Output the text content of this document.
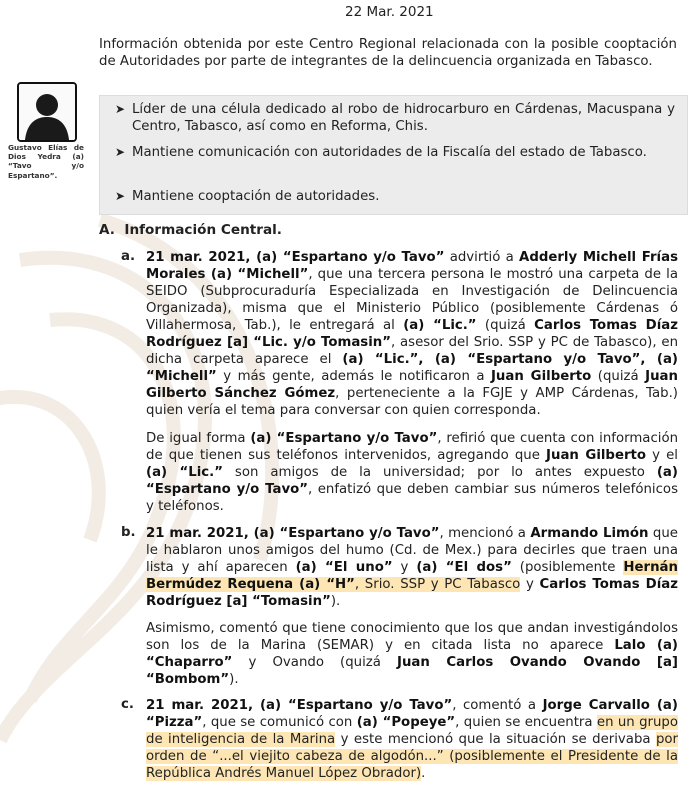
22 Mar. 2021
Información obtenida por este Centro Regional relacionada con la posible cooptación de Autoridades por parte de integrantes de la delincuencia organizada en Tabasco.
Gustavo Elías de Dios Yedra (a) “Tavo y/o Espartano”.
➤ Líder de una célula dedicado al robo de hidrocarburo en Cárdenas, Macuspana y Centro, Tabasco, así como en Reforma, Chis.
➤ Mantiene comunicación con autoridades de la Fiscalía del estado de Tabasco.
➤ Mantiene cooptación de autoridades.
A. Información Central.
a. 21 mar. 2021, (a) “Espartano y/o Tavo” advirtió a Adderly Michell Frías Morales (a) “Michell”, que una tercera persona le mostró una carpeta de la SEIDO (Subprocuraduría Especializada en Investigación de Delincuencia Organizada), misma que el Ministerio Público (posiblemente Cárdenas ó Villahermosa, Tab.), le entregará al (a) “Lic.” (quizá Carlos Tomas Díaz Rodríguez [a] “Lic. y/o Tomasin”, asesor del Srio. SSP y PC de Tabasco), en dicha carpeta aparece el (a) “Lic.”, (a) “Espartano y/o Tavo”, (a) “Michell” y más gente, además le notificaron a Juan Gilberto (quizá Juan Gilberto Sánchez Gómez, perteneciente a la FGJE y AMP Cárdenas, Tab.) quien vería el tema para conversar con quien corresponda.
De igual forma (a) “Espartano y/o Tavo”, refirió que cuenta con información de que tienen sus teléfonos intervenidos, agregando que Juan Gilberto y el (a) “Lic.” son amigos de la universidad; por lo antes expuesto (a) “Espartano y/o Tavo”, enfatizó que deben cambiar sus números telefónicos y teléfonos.
b. 21 mar. 2021, (a) “Espartano y/o Tavo”, mencionó a Armando Limón que le hablaron unos amigos del humo (Cd. de Mex.) para decirles que traen una lista y ahí aparecen (a) “El uno” y (a) “El dos” (posiblemente Hernán Bermúdez Requena (a) “H”, Srio. SSP y PC Tabasco y Carlos Tomas Díaz Rodríguez [a] “Tomasin”).
Asimismo, comentó que tiene conocimiento que los que andan investigándolos son los de la Marina (SEMAR) y en citada lista no aparece Lalo (a) “Chaparro” y Ovando (quizá Juan Carlos Ovando Ovando [a] “Bombom”).
c. 21 mar. 2021, (a) “Espartano y/o Tavo”, comentó a Jorge Carvallo (a) “Pizza”, que se comunicó con (a) “Popeye”, quien se encuentra en un grupo de inteligencia de la Marina y este mencionó que la situación se derivaba por orden de “...el viejito cabeza de algodón...” (posiblemente el Presidente de la República Andrés Manuel López Obrador).
